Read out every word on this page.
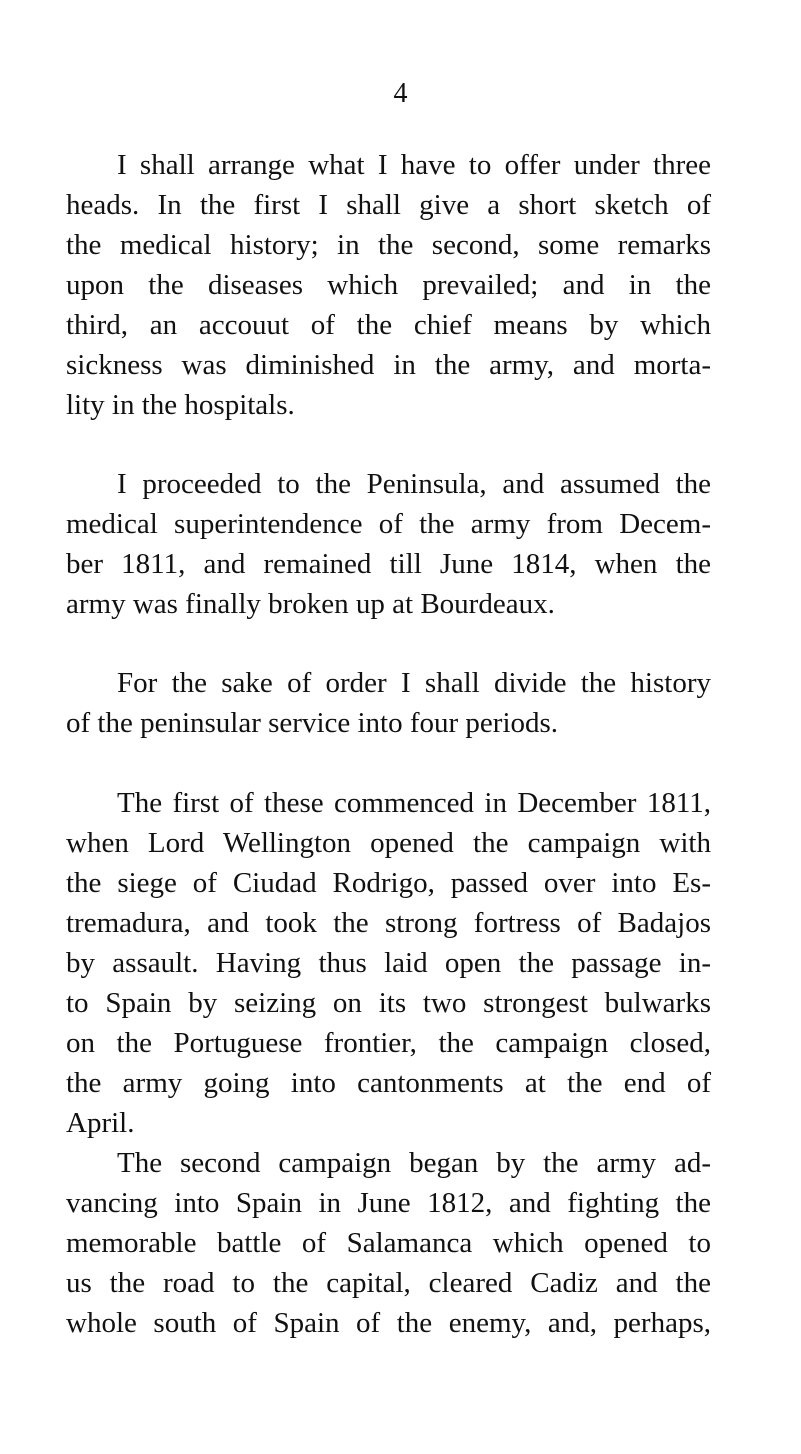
4
I shall arrange what I have to offer under three
heads. In the first I shall give a short sketch of
the medical history; in the second, some remarks
upon the diseases which prevailed; and in the
third, an accouut of the chief means by which
sickness was diminished in the army, and morta-
lity in the hospitals.
I proceeded to the Peninsula, and assumed the
medical superintendence of the army from Decem-
ber 1811, and remained till June 1814, when the
army was finally broken up at Bourdeaux.
For the sake of order I shall divide the history
of the peninsular service into four periods.
The first of these commenced in December 1811,
when Lord Wellington opened the campaign with
the siege of Ciudad Rodrigo, passed over into Es-
tremadura, and took the strong fortress of Badajos
by assault. Having thus laid open the passage in-
to Spain by seizing on its two strongest bulwarks
on the Portuguese frontier, the campaign closed,
the army going into cantonments at the end of
April.
The second campaign began by the army ad-
vancing into Spain in June 1812, and fighting the
memorable battle of Salamanca which opened to
us the road to the capital, cleared Cadiz and the
whole south of Spain of the enemy, and, perhaps,
